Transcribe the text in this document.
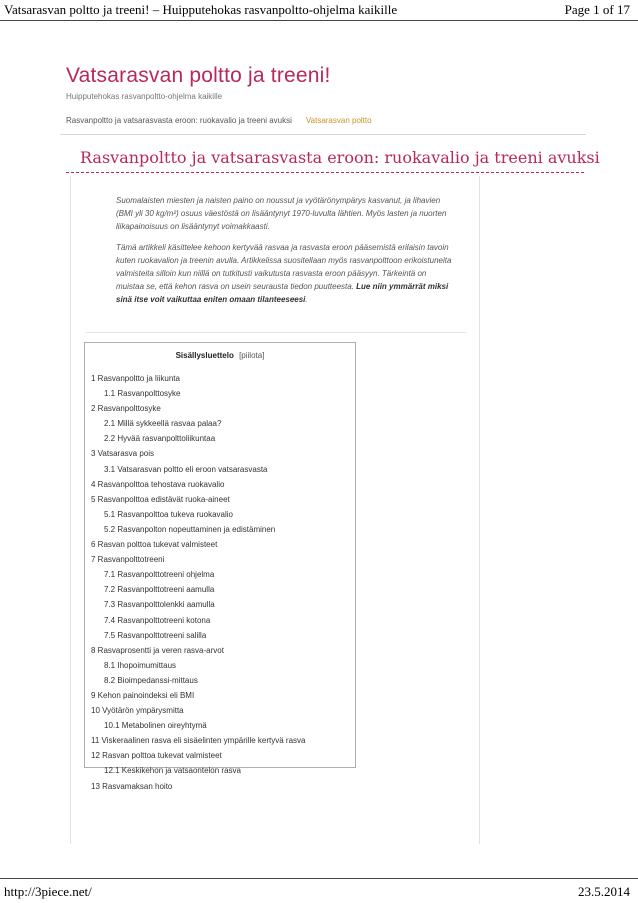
Vatsarasvan poltto ja treeni! – Huipputehokas rasvanpoltto-ohjelma kaikille	Page 1 of 17
Vatsarasvan poltto ja treeni!
Huipputehokas rasvanpoltto-ohjelma kaikille
Rasvanpoltto ja vatsarasvasta eroon: ruokavalio ja treeni avuksi Vatsarasvan poltto
Rasvanpoltto ja vatsarasvasta eroon: ruokavalio ja treeni avuksi

Suomalaisten miesten ja naisten paino on noussut ja vyötärönympärys kasvanut, ja lihavien (BMI yli 30 kg/m²) osuus väestöstä on lisääntynyt 1970-luvulta lähtien. Myös lasten ja nuorten liikapainoisuus on lisääntynyt voimakkaasti.

Tämä artikkeli käsittelee kehoon kertyvää rasvaa ja rasvasta eroon pääsemistä erilaisin tavoin kuten ruokavalion ja treenin avulla. Artikkelissa suositellaan myös rasvanpolttoon erikoistuneita valmisteita silloin kun niillä on tutkitusti vaikutusta rasvasta eroon pääsyyn. Tärkeintä on muistaa se, että kehon rasva on usein seurausta tiedon puutteesta. Lue niin ymmärrät miksi sinä itse voit vaikuttaa eniten omaan tilanteeseesi.

Sisällysluettelo [piilota]
1 Rasvanpoltto ja liikunta
1.1 Rasvanpolttosyke
2 Rasvanpolttosyke
2.1 Millä sykkeellä rasvaa palaa?
2.2 Hyvää rasvanpolttoliikuntaa
3 Vatsarasva pois
3.1 Vatsarasvan poltto eli eroon vatsarasvasta
4 Rasvanpolttoa tehostava ruokavalio
5 Rasvanpolttoa edistävät ruoka-aineet
5.1 Rasvanpolttoa tukeva ruokavalio
5.2 Rasvanpolton nopeuttaminen ja edistäminen
6 Rasvan polttoa tukevat valmisteet
7 Rasvanpolttotreeni
7.1 Rasvanpolttotreeni ohjelma
7.2 Rasvanpolttotreeni aamulla
7.3 Rasvanpolttolenkki aamulla
7.4 Rasvanpolttotreeni kotona
7.5 Rasvanpolttotreeni salilla
8 Rasvaprosentti ja veren rasva-arvot
8.1 Ihopoimumittaus
8.2 Bioimpedanssi-mittaus
9 Kehon painoindeksi eli BMI
10 Vyötärön ympärysmitta
10.1 Metabolinen oireyhtymä
11 Viskeraalinen rasva eli sisäelinten ympärille kertyvä rasva
12 Rasvan polttoa tukevat valmisteet
12.1 Keskikehon ja vatsaontelon rasva
13 Rasvamaksan hoito
http://3piece.net/	23.5.2014
